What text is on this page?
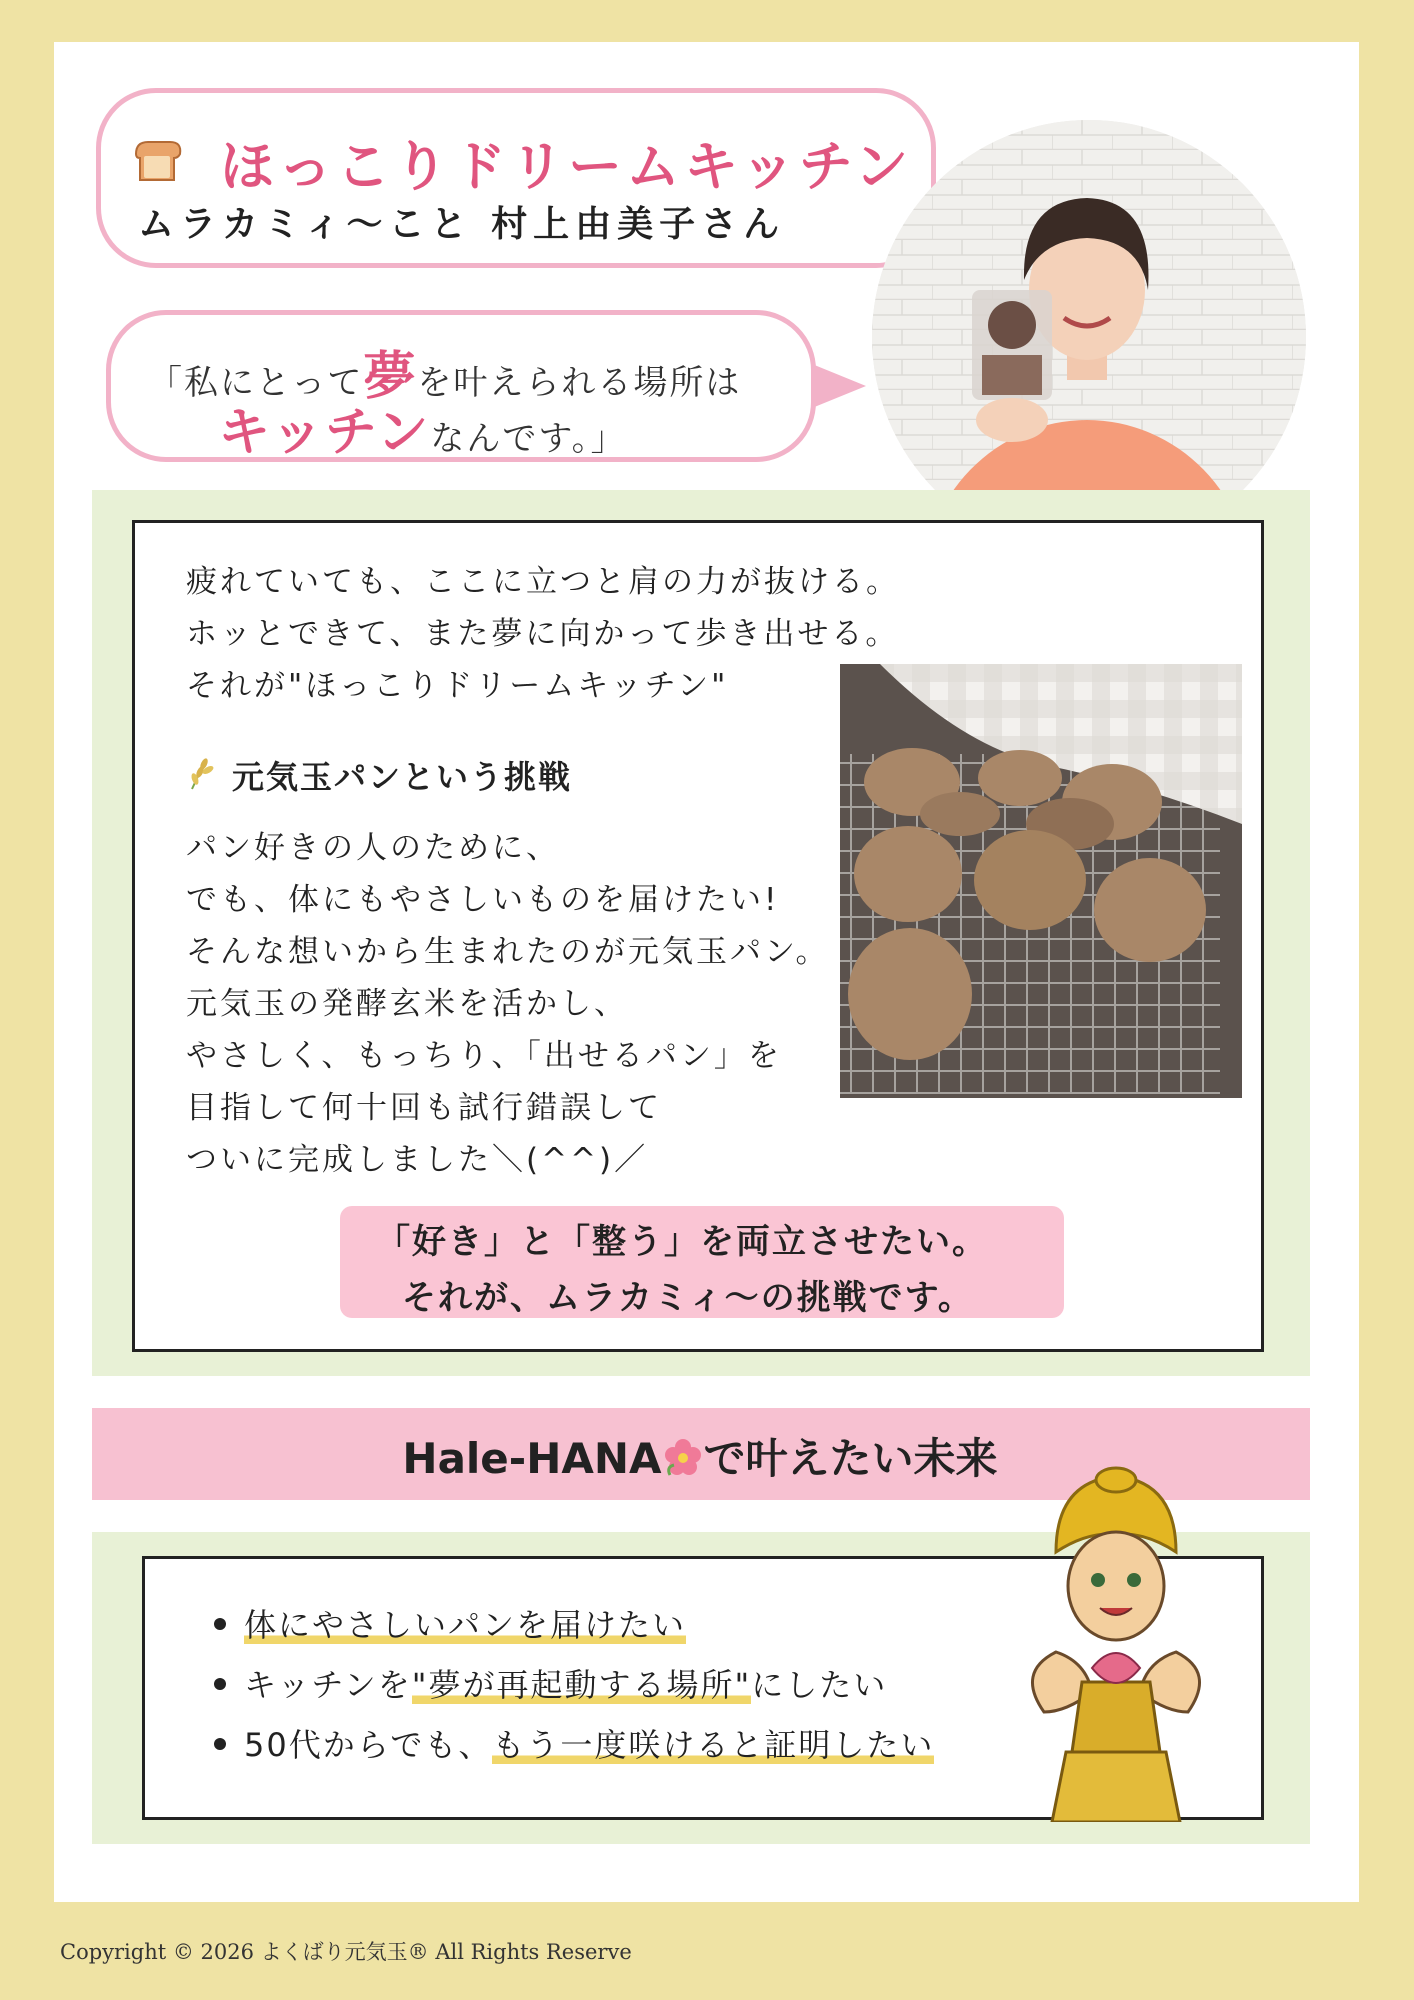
ほっこりドリームキッチン
ムラカミィ〜こと 村上由美子さん
「私にとって夢を叶えられる場所は
キッチンなんです。」
疲れていても、ここに立つと肩の力が抜ける。
ホッとできて、また夢に向かって歩き出せる。
それが"ほっこりドリームキッチン"
元気玉パンという挑戦
パン好きの人のために、
でも、体にもやさしいものを届けたい!
そんな想いから生まれたのが元気玉パン。
元気玉の発酵玄米を活かし、
やさしく、もっちり、「出せるパン」を
目指して何十回も試行錯誤して
ついに完成しました＼(^^)／
「好き」と「整う」を両立させたい。
それが、ムラカミィ〜の挑戦です。
Hale-HANA で叶えたい未来
体にやさしいパンを届けたい
キッチンを"夢が再起動する場所"にしたい
50代からでも、もう一度咲けると証明したい
Copyright © 2026 よくばり元気玉® All Rights Reserve
